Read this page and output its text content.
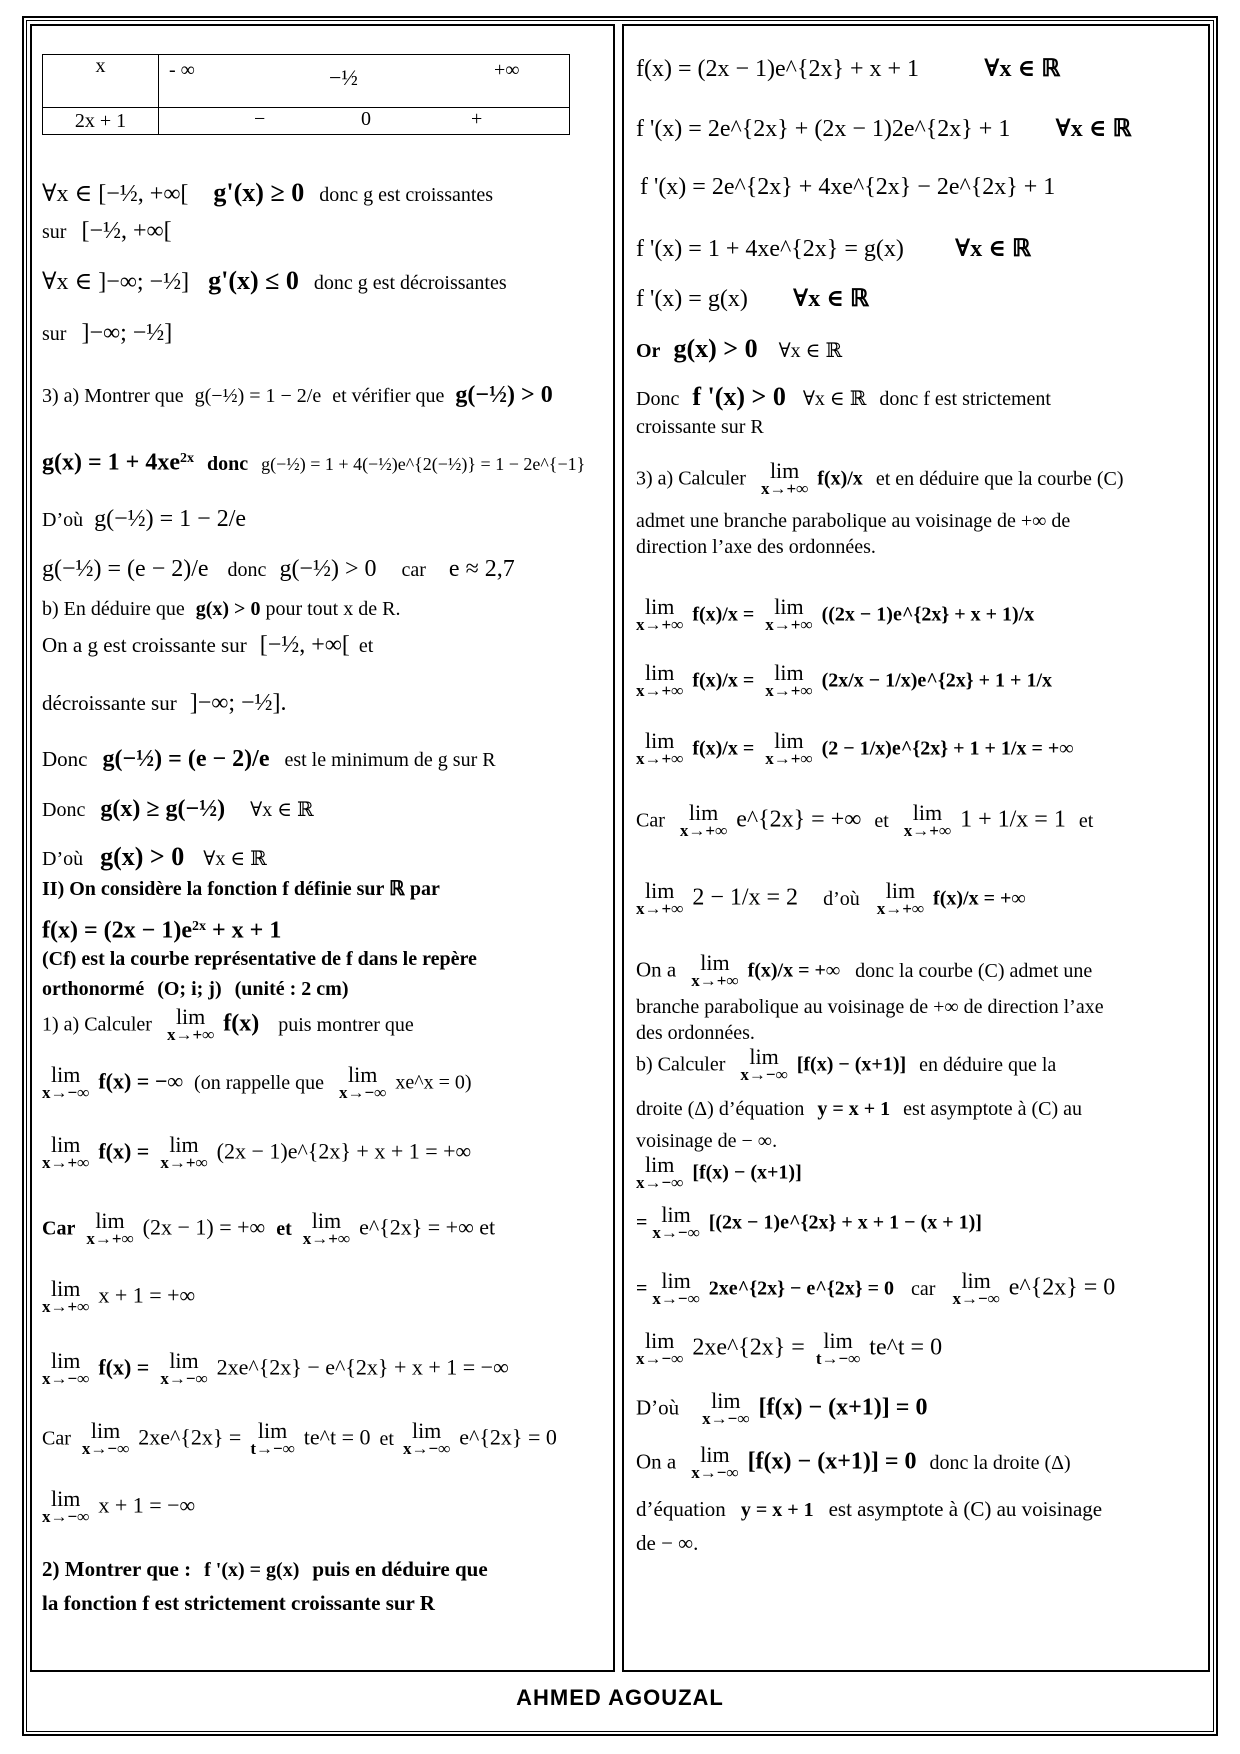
x	- ∞ −½ +∞

2x + 1	− 0 +
∀x ∈ [−½, +∞[ g'(x) ≥ 0 donc g est croissantes
sur [−½, +∞[
∀x ∈ ]−∞; −½] g'(x) ≤ 0 donc g est décroissantes
sur ]−∞; −½]
3) a) Montrer que g(−½) = 1 − 2/e et vérifier que g(−½) > 0
$g(x) = 1 + 4xe^{2x}$ donc g(−½) = 1 + 4(−½)e^{2(−½)} = 1 − 2e^{−1}
D’où g(−½) = 1 − 2/e
g(−½) = (e − 2)/e donc g(−½) > 0 car e ≈ 2,7
b) En déduire que g(x) > 0 pour tout x de R.
On a g est croissante sur [−½, +∞[ et
décroissante sur ]−∞; −½].
Donc g(−½) = (e − 2)/e est le minimum de g sur R
Donc g(x) ≥ g(−½) ∀x ∈ ℝ
D’où g(x) > 0 ∀x ∈ ℝ
II) On considère la fonction f définie sur ℝ par
$f(x) = (2x - 1)e^{2x} + x + 1$
(Cf) est la courbe représentative de f dans le repère
orthonormé (O; i; j) (unité : 2 cm)
1) a) Calculer	lim
x→+∞ f(x) puis montrer que
lim
x→−∞ f(x) = −∞ (on rappelle que	lim
x→−∞ xe^x = 0)
lim
x→+∞ f(x) = lim
x→+∞ (2x − 1)e^{2x} + x + 1 = +∞
Car lim
x→+∞ (2x − 1) = +∞ et lim
x→+∞ e^{2x} = +∞ et
lim
x→+∞ x + 1 = +∞
lim
x→−∞ f(x) = lim
x→−∞ 2xe^{2x} − e^{2x} + x + 1 = −∞
Car lim
x→−∞ 2xe^{2x} = lim
t→−∞ te^t = 0 et lim
x→−∞ e^{2x} = 0
lim
x→−∞ x + 1 = −∞
2) Montrer que : f '(x) = g(x) puis en déduire que
la fonction f est strictement croissante sur R
f(x) = (2x − 1)e^{2x} + x + 1	∀x ∈ ℝ
f '(x) = 2e^{2x} + (2x − 1)2e^{2x} + 1 ∀x ∈ ℝ
f '(x) = 2e^{2x} + 4xe^{2x} − 2e^{2x} + 1
f '(x) = 1 + 4xe^{2x} = g(x) ∀x ∈ ℝ
f '(x) = g(x) ∀x ∈ ℝ
Or g(x) > 0 ∀x ∈ ℝ
Donc f '(x) > 0 ∀x ∈ ℝ donc f est strictement
croissante sur R
3) a) Calculer	lim
x→+∞ f(x)/x et en déduire que la courbe (C)
admet une branche parabolique au voisinage de +∞ de
direction l’axe des ordonnées.
lim
x→+∞ f(x)/x = lim
x→+∞ ((2x − 1)e^{2x} + x + 1)/x
lim
x→+∞ f(x)/x = lim
x→+∞ (2x/x − 1/x)e^{2x} + 1 + 1/x
lim
x→+∞ f(x)/x = lim
x→+∞ (2 − 1/x)e^{2x} + 1 + 1/x = +∞
Car	lim
x→+∞ e^{2x} = +∞ et	lim
x→+∞ 1 + 1/x = 1 et
lim
x→+∞ 2 − 1/x = 2 d’où	lim
x→+∞ f(x)/x = +∞
On a	lim
x→+∞ f(x)/x = +∞ donc la courbe (C) admet une
branche parabolique au voisinage de +∞ de direction l’axe
des ordonnées.
b) Calculer	lim
x→−∞ [f(x) − (x+1)] en déduire que la
droite (Δ) d’équation y = x + 1 est asymptote à (C) au
voisinage de − ∞.
lim
x→−∞ [f(x) − (x+1)]
= lim
x→−∞ [(2x − 1)e^{2x} + x + 1 − (x + 1)]
= lim
x→−∞ 2xe^{2x} − e^{2x} = 0 car	lim
x→−∞ e^{2x} = 0
lim
x→−∞ 2xe^{2x} = lim
t→−∞ te^t = 0
D’où	lim
x→−∞ [f(x) − (x+1)] = 0
On a	lim
x→−∞ [f(x) − (x+1)] = 0 donc la droite (Δ)
d’équation y = x + 1 est asymptote à (C) au voisinage
de − ∞.
AHMED AGOUZAL
